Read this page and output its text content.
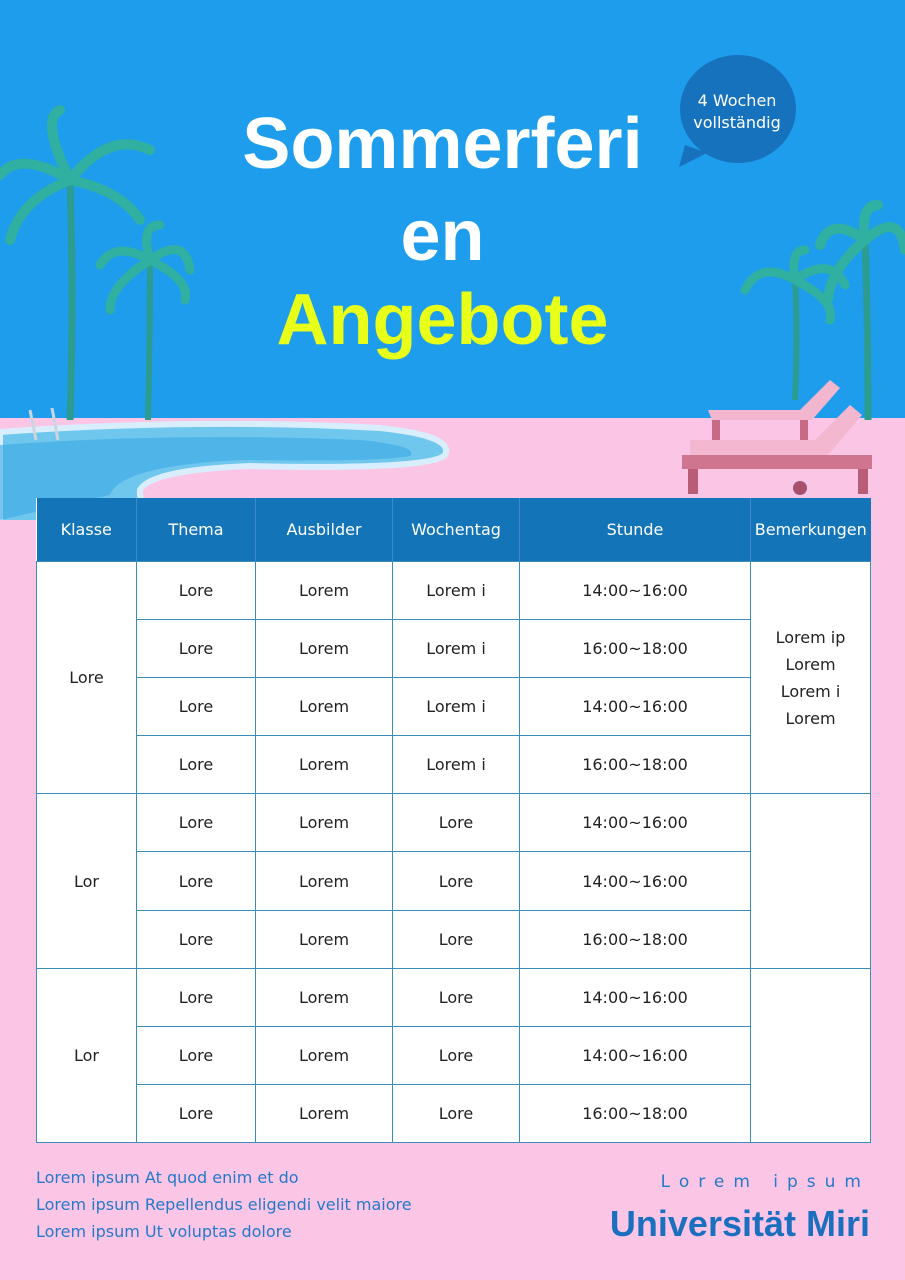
Sommerferi
en
Angebote
4 Wochen vollständig
Klasse	Thema	Ausbilder	Wochentag	Stunde	Bemerkungen
Lore	Lore	Lorem	Lorem i	14:00~16:00	Lorem ip Lorem Lorem i Lorem

	Lore	Lorem	Lorem i	16:00~18:00	
	Lore	Lorem	Lorem i	14:00~16:00	
	Lore	Lorem	Lorem i	16:00~18:00	
Lor	Lore	Lorem	Lore	14:00~16:00	
	Lore	Lorem	Lore	14:00~16:00	
	Lore	Lorem	Lore	16:00~18:00	
Lor	Lore	Lorem	Lore	14:00~16:00	
	Lore	Lorem	Lore	14:00~16:00	
	Lore	Lorem	Lore	16:00~18:00	
Lorem ipsum At quod enim et do
Lorem ipsum Repellendus eligendi velit maiore
Lorem ipsum Ut voluptas dolore
Lorem ipsum
Universität Miri
